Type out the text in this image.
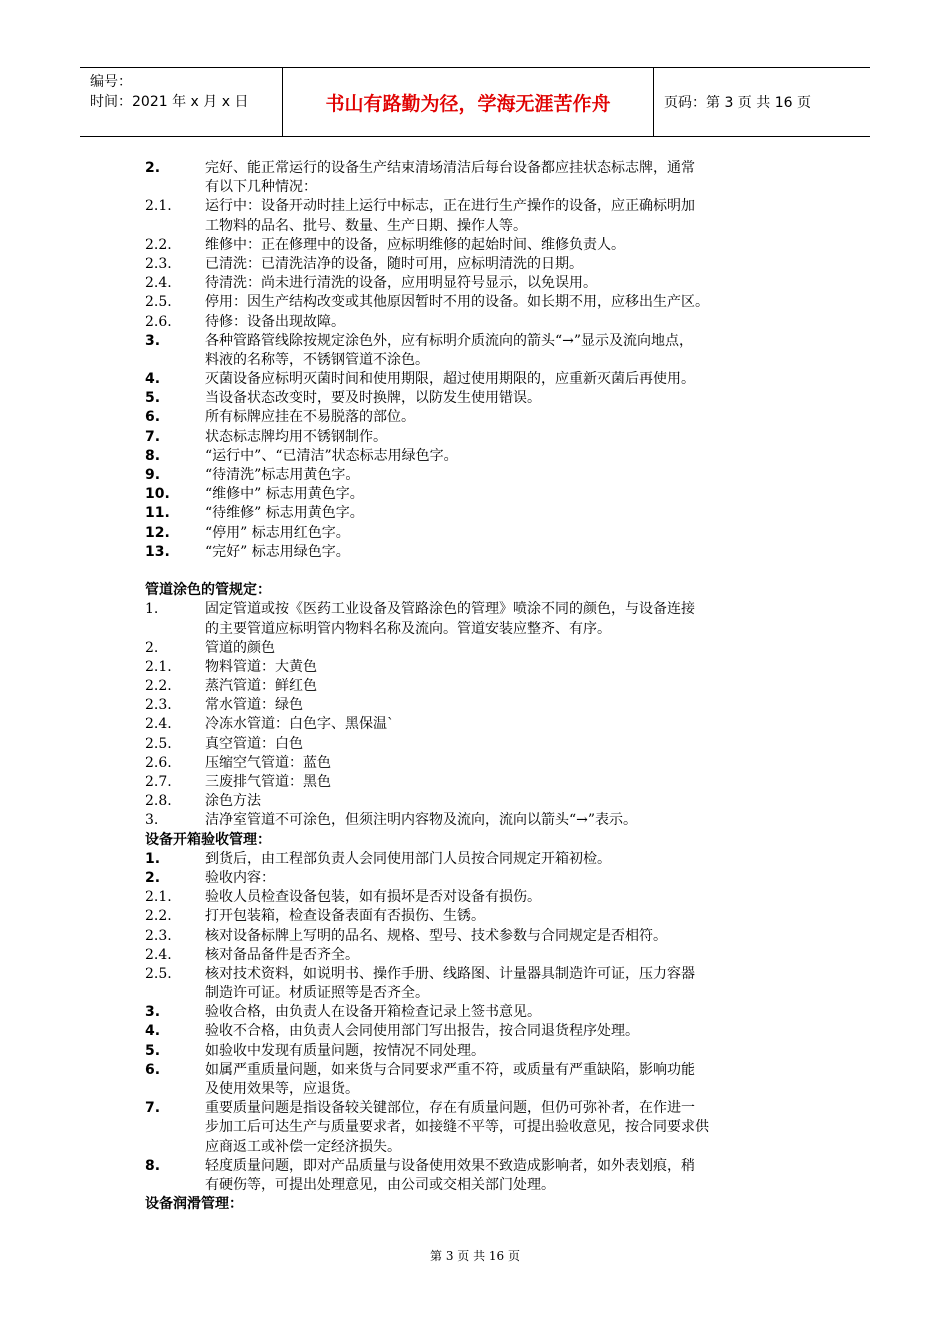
编号：
时间：2021 年 x 月 x 日	书山有路勤为径，学海无涯苦作舟	页码：第 3 页 共 16 页
2.	完好、能正常运行的设备生产结束清场清洁后每台设备都应挂状态标志牌，通常
有以下几种情况：
2.1. 运行中：设备开动时挂上运行中标志，正在进行生产操作的设备，应正确标明加
工物料的品名、批号、数量、生产日期、操作人等。
2.2. 维修中：正在修理中的设备，应标明维修的起始时间、维修负责人。
2.3. 已清洗：已清洗洁净的设备，随时可用，应标明清洗的日期。
2.4. 待清洗：尚未进行清洗的设备，应用明显符号显示，以免误用。
2.5. 停用：因生产结构改变或其他原因暂时不用的设备。如长期不用，应移出生产区。
2.6. 待修：设备出现故障。
3.	各种管路管线除按规定涂色外，应有标明介质流向的箭头“→”显示及流向地点，
料液的名称等，不锈钢管道不涂色。
4.	灭菌设备应标明灭菌时间和使用期限，超过使用期限的，应重新灭菌后再使用。
5.	当设备状态改变时，要及时换牌，以防发生使用错误。
6.	所有标牌应挂在不易脱落的部位。
7.	状态标志牌均用不锈钢制作。
8.	“运行中”、“已清洁”状态标志用绿色字。
9.	“待清洗”标志用黄色字。
10.	“维修中” 标志用黄色字。
11.	“待维修” 标志用黄色字。
12.	“停用” 标志用红色字。
13.	“完好” 标志用绿色字。
管道涂色的管规定：
1.	固定管道或按《医药工业设备及管路涂色的管理》喷涂不同的颜色，与设备连接
的主要管道应标明管内物料名称及流向。管道安装应整齐、有序。
2.	管道的颜色
2.1. 物料管道：大黄色
2.2. 蒸汽管道：鲜红色
2.3. 常水管道：绿色
2.4. 冷冻水管道：白色字、黑保温`
2.5. 真空管道：白色
2.6. 压缩空气管道：蓝色
2.7. 三废排气管道：黑色
2.8. 涂色方法
3.	洁净室管道不可涂色，但须注明内容物及流向，流向以箭头“→”表示。
设备开箱验收管理：
1.	到货后，由工程部负责人会同使用部门人员按合同规定开箱初检。
2.	验收内容：
2.1. 验收人员检查设备包装，如有损坏是否对设备有损伤。
2.2. 打开包装箱，检查设备表面有否损伤、生锈。
2.3. 核对设备标牌上写明的品名、规格、型号、技术参数与合同规定是否相符。
2.4. 核对备品备件是否齐全。
2.5. 核对技术资料，如说明书、操作手册、线路图、计量器具制造许可证，压力容器
制造许可证。材质证照等是否齐全。
3.	验收合格，由负责人在设备开箱检查记录上签书意见。
4.	验收不合格，由负责人会同使用部门写出报告，按合同退货程序处理。
5.	如验收中发现有质量问题，按情况不同处理。
6.	如属严重质量问题，如来货与合同要求严重不符，或质量有严重缺陷，影响功能
及使用效果等，应退货。
7.	重要质量问题是指设备较关键部位，存在有质量问题，但仍可弥补者，在作进一
步加工后可达生产与质量要求者，如接缝不平等，可提出验收意见，按合同要求供
应商返工或补偿一定经济损失。
8.	轻度质量问题，即对产品质量与设备使用效果不致造成影响者，如外表划痕，稍
有硬伤等，可提出处理意见，由公司或交相关部门处理。
设备润滑管理：
第 3 页 共 16 页
